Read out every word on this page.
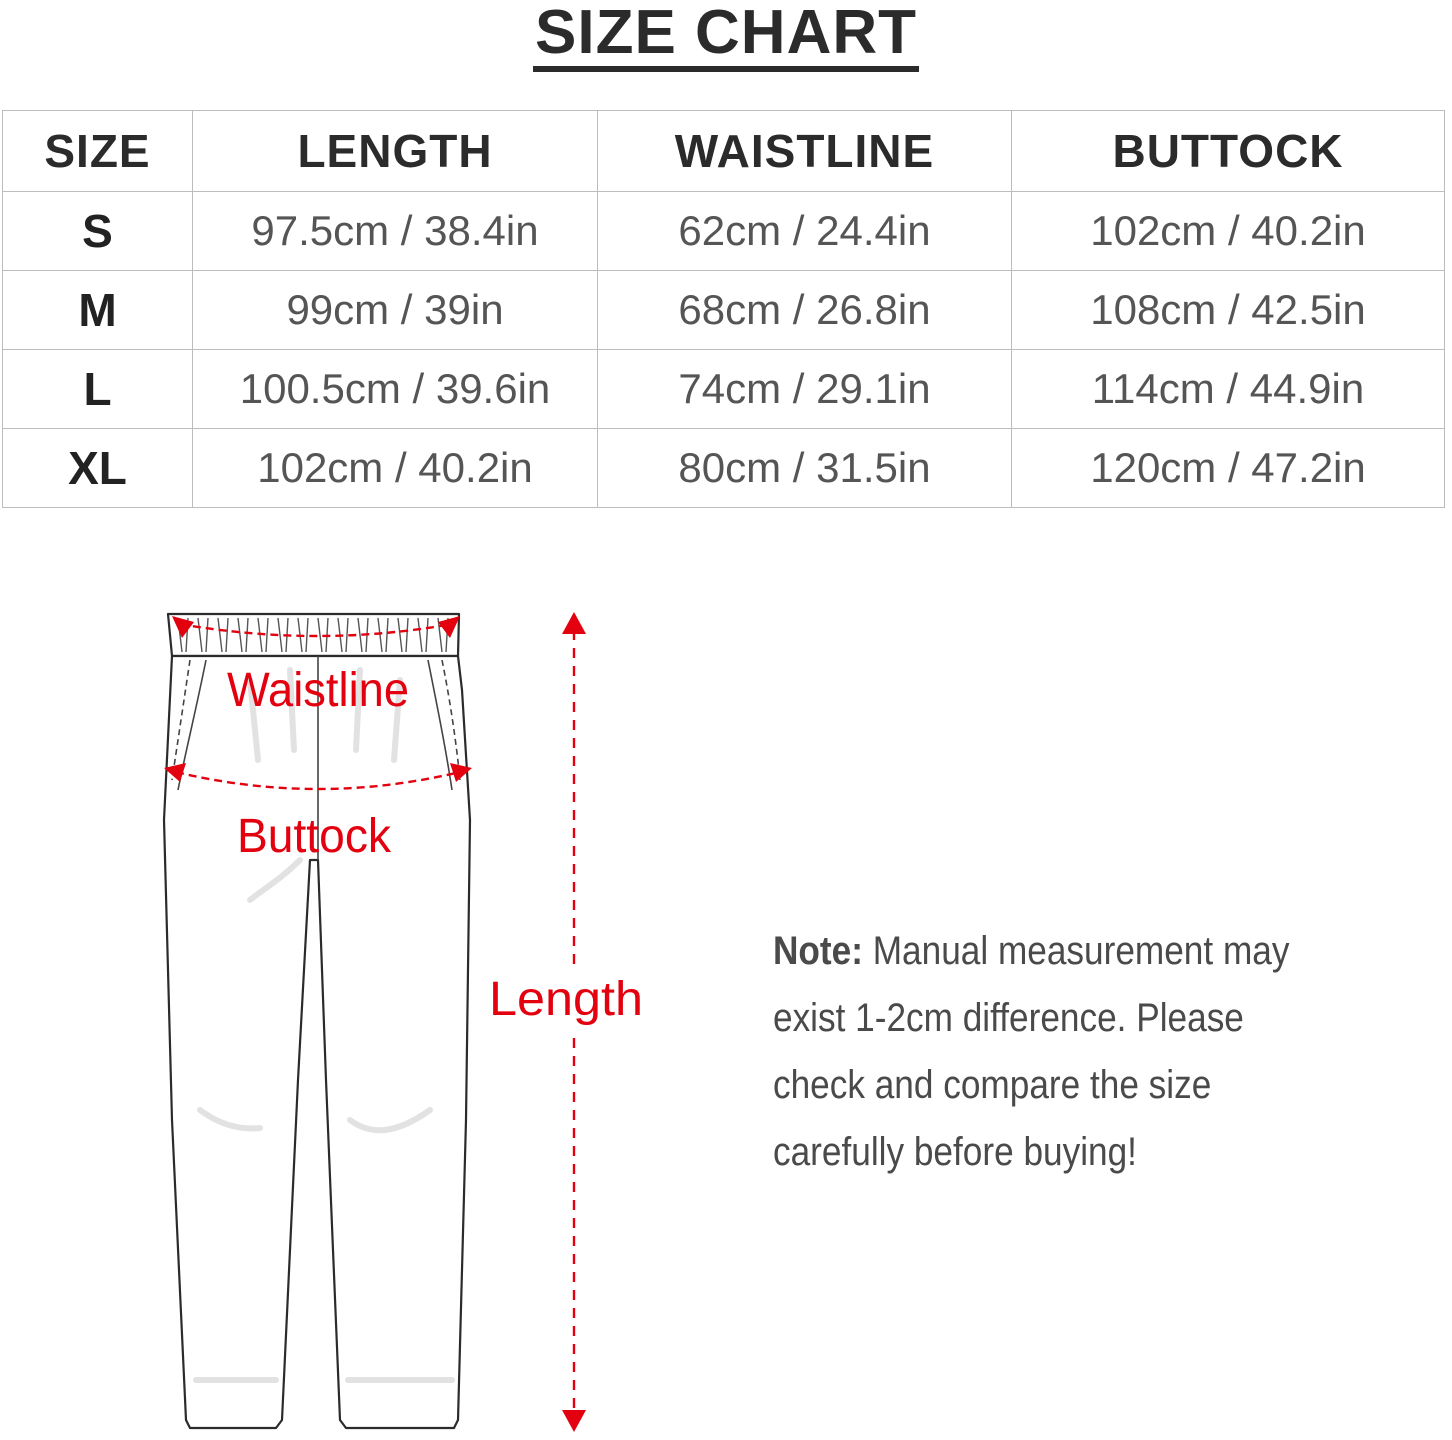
SIZE CHART
SIZE	LENGTH	WAISTLINE	BUTTOCK
S	97.5cm / 38.4in	62cm / 24.4in	102cm / 40.2in
M	99cm / 39in	68cm / 26.8in	108cm / 42.5in
L	100.5cm / 39.6in	74cm / 29.1in	114cm / 44.9in
XL	102cm / 40.2in	80cm / 31.5in	120cm / 47.2in
Waistline
Buttock
Length
Note: Manual measurement may exist 1-2cm difference. Please check and compare the size carefully before buying!
